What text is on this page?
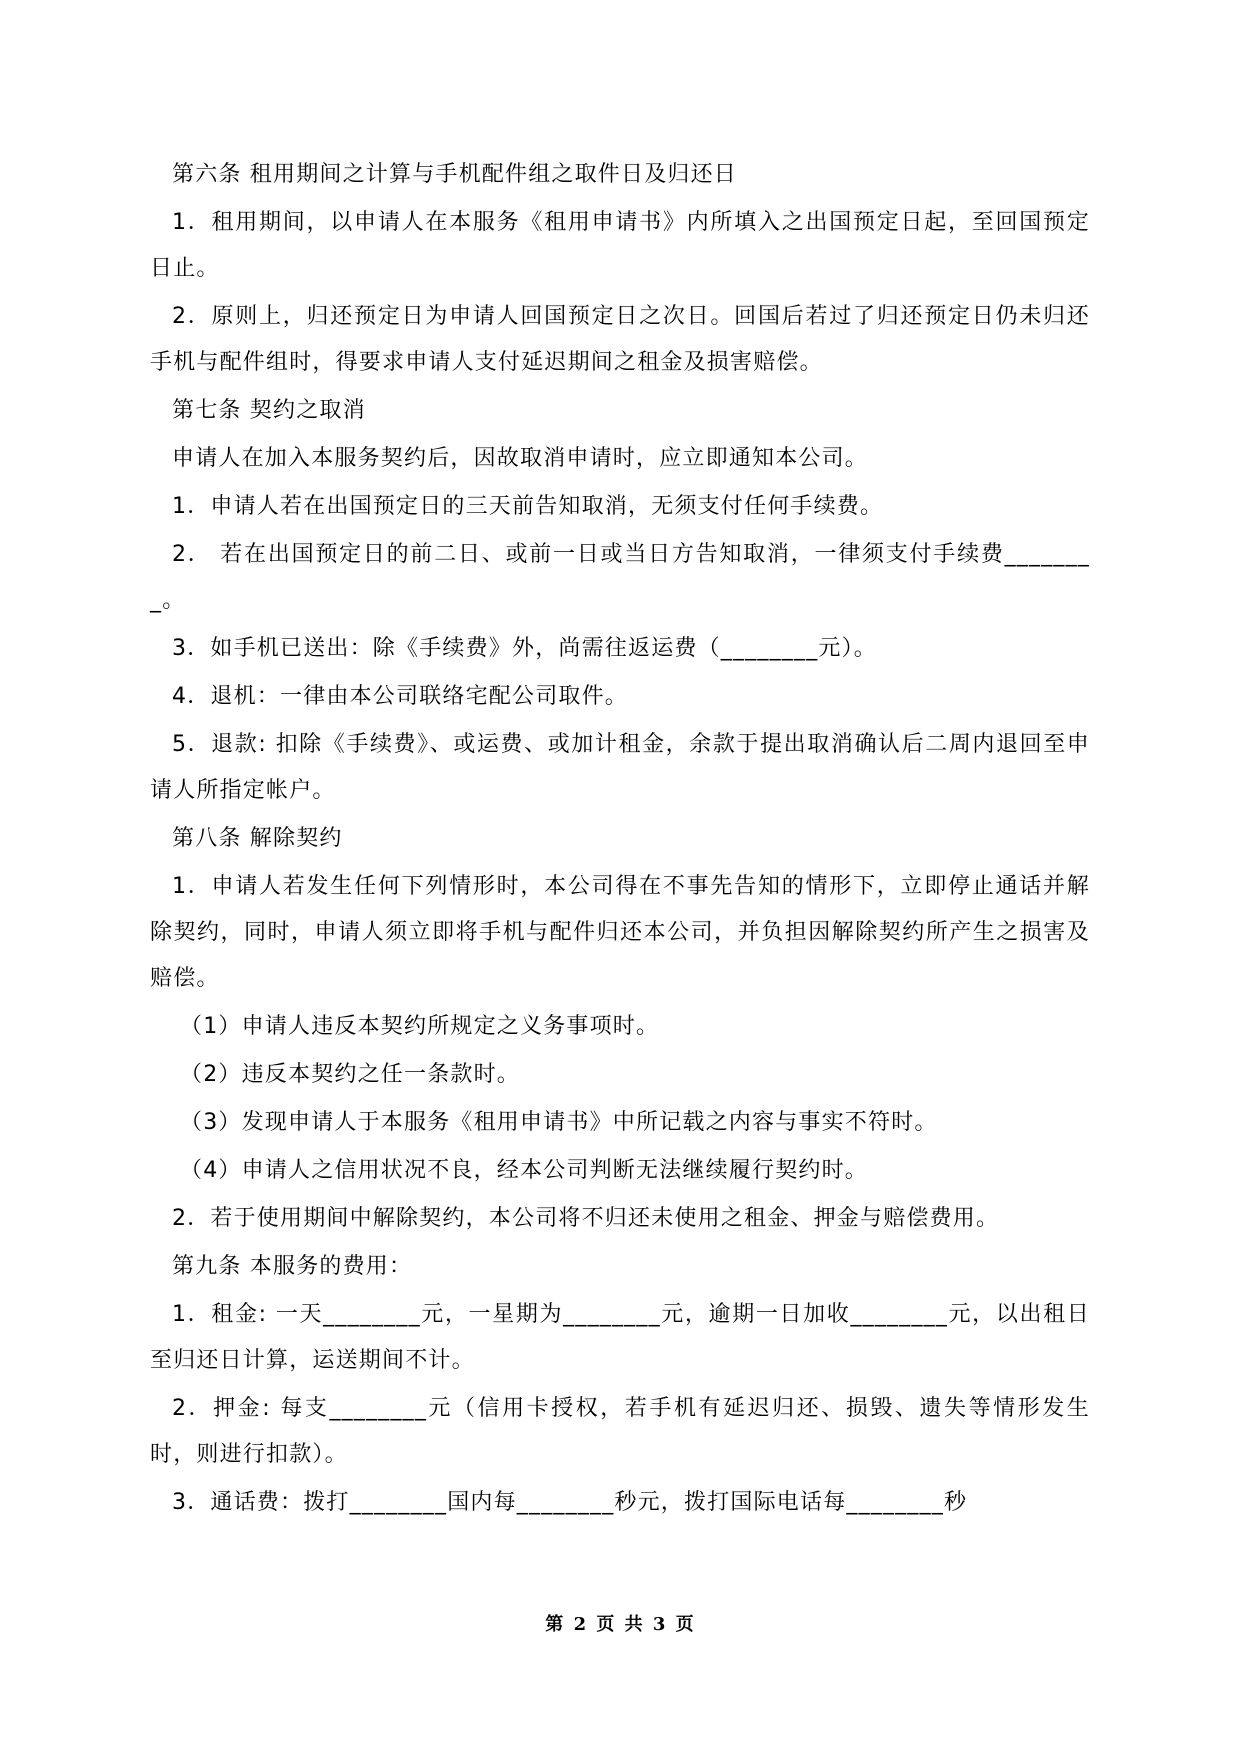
第六条 租用期间之计算与手机配件组之取件日及归还日

1．租用期间，以申请人在本服务《租用申请书》内所填入之出国预定日起，至回国预定日止。

2．原则上，归还预定日为申请人回国预定日之次日。回国后若过了归还预定日仍未归还手机与配件组时，得要求申请人支付延迟期间之租金及损害赔偿。

第七条 契约之取消

申请人在加入本服务契约后，因故取消申请时，应立即通知本公司。

1．申请人若在出国预定日的三天前告知取消，无须支付任何手续费。

2． 若在出国预定日的前二日、或前一日或当日方告知取消，一律须支付手续费________。

3．如手机已送出：除《手续费》外，尚需往返运费（________元）。

4．退机：一律由本公司联络宅配公司取件。

5．退款: 扣除《手续费》、或运费、或加计租金，余款于提出取消确认后二周内退回至申请人所指定帐户。

第八条 解除契约

1．申请人若发生任何下列情形时，本公司得在不事先告知的情形下，立即停止通话并解除契约，同时，申请人须立即将手机与配件归还本公司，并负担因解除契约所产生之损害及赔偿。

（1）申请人违反本契约所规定之义务事项时。

（2）违反本契约之任一条款时。

（3）发现申请人于本服务《租用申请书》中所记载之内容与事实不符时。

（4）申请人之信用状况不良，经本公司判断无法继续履行契约时。

2．若于使用期间中解除契约，本公司将不归还未使用之租金、押金与赔偿费用。

第九条 本服务的费用：

1．租金: 一天________元，一星期为________元，逾期一日加收________元，以出租日至归还日计算，运送期间不计。

2．押金: 每支________元（信用卡授权，若手机有延迟归还、损毁、遗失等情形发生时，则进行扣款）。

3．通话费：拨打________国内每________秒元，拨打国际电话每________秒

第 2 页 共 3 页
